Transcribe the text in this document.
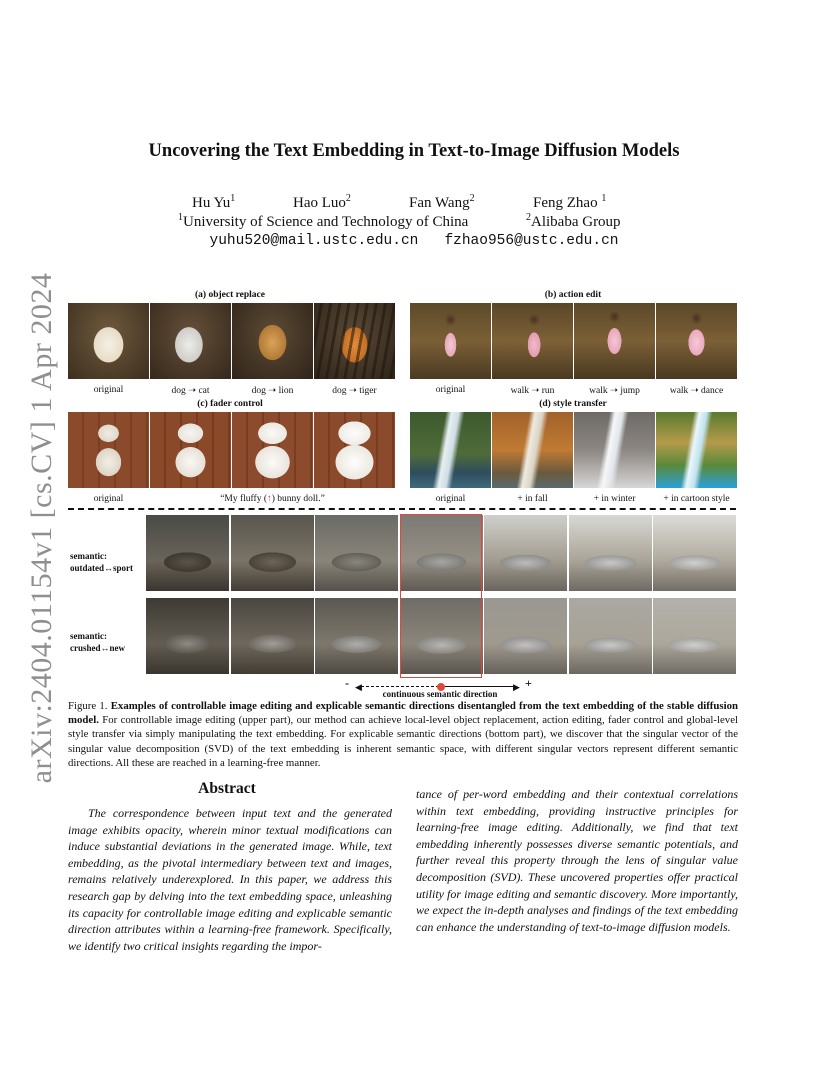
arXiv:2404.01154v1 [cs.CV] 1 Apr 2024
Uncovering the Text Embedding in Text-to-Image Diffusion Models
Hu Yu$^1$	Hao Luo$^2$	Fan Wang$^2$	Feng Zhao $^1$
$^1$University of Science and Technology of China	$^2$Alibaba Group
yuhu520@mail.ustc.edu.cn   fzhao956@ustc.edu.cn
(a) object replace	(b) action edit
original	dog ➝ cat	dog ➝ lion	dog ➝ tiger	original	walk ➝ run	walk ➝ jump	walk ➝ dance
(c) fader control	(d) style transfer
original	“My fluffy (↑) bunny doll.”	original	+ in fall	+ in winter	+ in cartoon style
semantic:
outdated↔sport
semantic:
crushed↔new
- ◀	▶ +
continuous semantic direction
Figure 1. Examples of controllable image editing and explicable semantic directions disentangled from the text embedding of the stable diffusion model. For controllable image editing (upper part), our method can achieve local-level object replacement, action editing, fader control and global-level style transfer via simply manipulating the text embedding. For explicable semantic directions (bottom part), we discover that the singular vector of the singular value decomposition (SVD) of the text embedding is inherent semantic space, with different singular vectors represent different semantic directions. All these are reached in a learning-free manner.
Abstract

The correspondence between input text and the generated image exhibits opacity, wherein minor textual modifications can induce substantial deviations in the generated image. While, text embedding, as the pivotal intermediary between text and images, remains relatively underexplored. In this paper, we address this research gap by delving into the text embedding space, unleashing its capacity for controllable image editing and explicable semantic direction attributes within a learning-free framework. Specifically, we identify two critical insights regarding the impor-

tance of per-word embedding and their contextual correlations within text embedding, providing instructive principles for learning-free image editing. Additionally, we find that text embedding inherently possesses diverse semantic potentials, and further reveal this property through the lens of singular value decomposition (SVD). These uncovered properties offer practical utility for image editing and semantic discovery. More importantly, we expect the in-depth analyses and findings of the text embedding can enhance the understanding of text-to-image diffusion models.
